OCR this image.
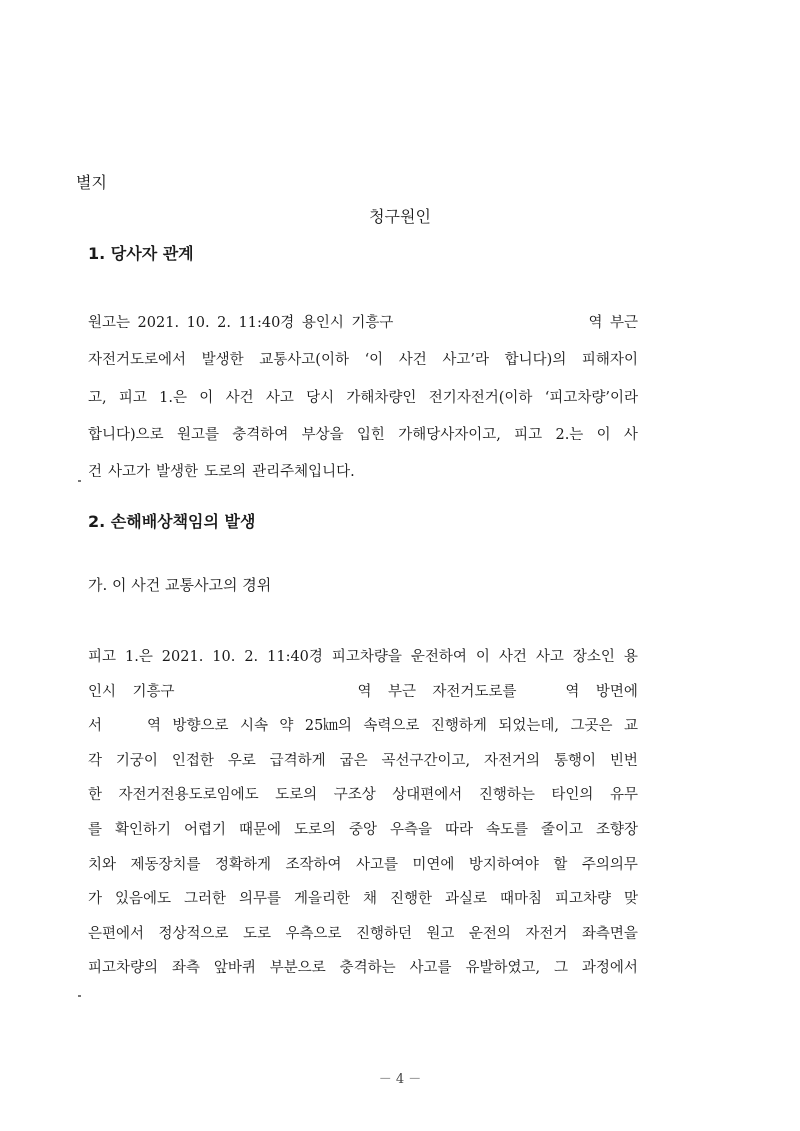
별지
청구원인
1. 당사자 관계
원고는 2021. 10. 2. 11:40경 용인시 기흥구	역 부근
자전거도로에서 발생한 교통사고(이하 ‘이 사건 사고’라 합니다)의 피해자이
고, 피고 1.은 이 사건 사고 당시 가해차량인 전기자전거(이하 ‘피고차량’이라
합니다)으로 원고를 충격하여 부상을 입힌 가해당사자이고, 피고 2.는 이 사
건 사고가 발생한 도로의 관리주체입니다.
2. 손해배상책임의 발생
가. 이 사건 교통사고의 경위
피고 1.은 2021. 10. 2. 11:40경 피고차량을 운전하여 이 사건 사고 장소인 용
인시 기흥구	역 부근 자전거도로를	역 방면에
서	역 방향으로 시속 약 25㎞의 속력으로 진행하게 되었는데, 그곳은 교
각 기궁이 인접한 우로 급격하게 굽은 곡선구간이고, 자전거의 통행이 빈번
한 자전거전용도로임에도 도로의 구조상 상대편에서 진행하는 타인의 유무
를 확인하기 어렵기 때문에 도로의 중앙 우측을 따라 속도를 줄이고 조향장
치와 제동장치를 정확하게 조작하여 사고를 미연에 방지하여야 할 주의의무
가 있음에도 그러한 의무를 게을리한 채 진행한 과실로 때마침 피고차량 맞
은편에서 정상적으로 도로 우측으로 진행하던 원고 운전의 자전거 좌측면을
피고차량의 좌측 앞바퀴 부분으로 충격하는 사고를 유발하였고, 그 과정에서
－ 4 －
